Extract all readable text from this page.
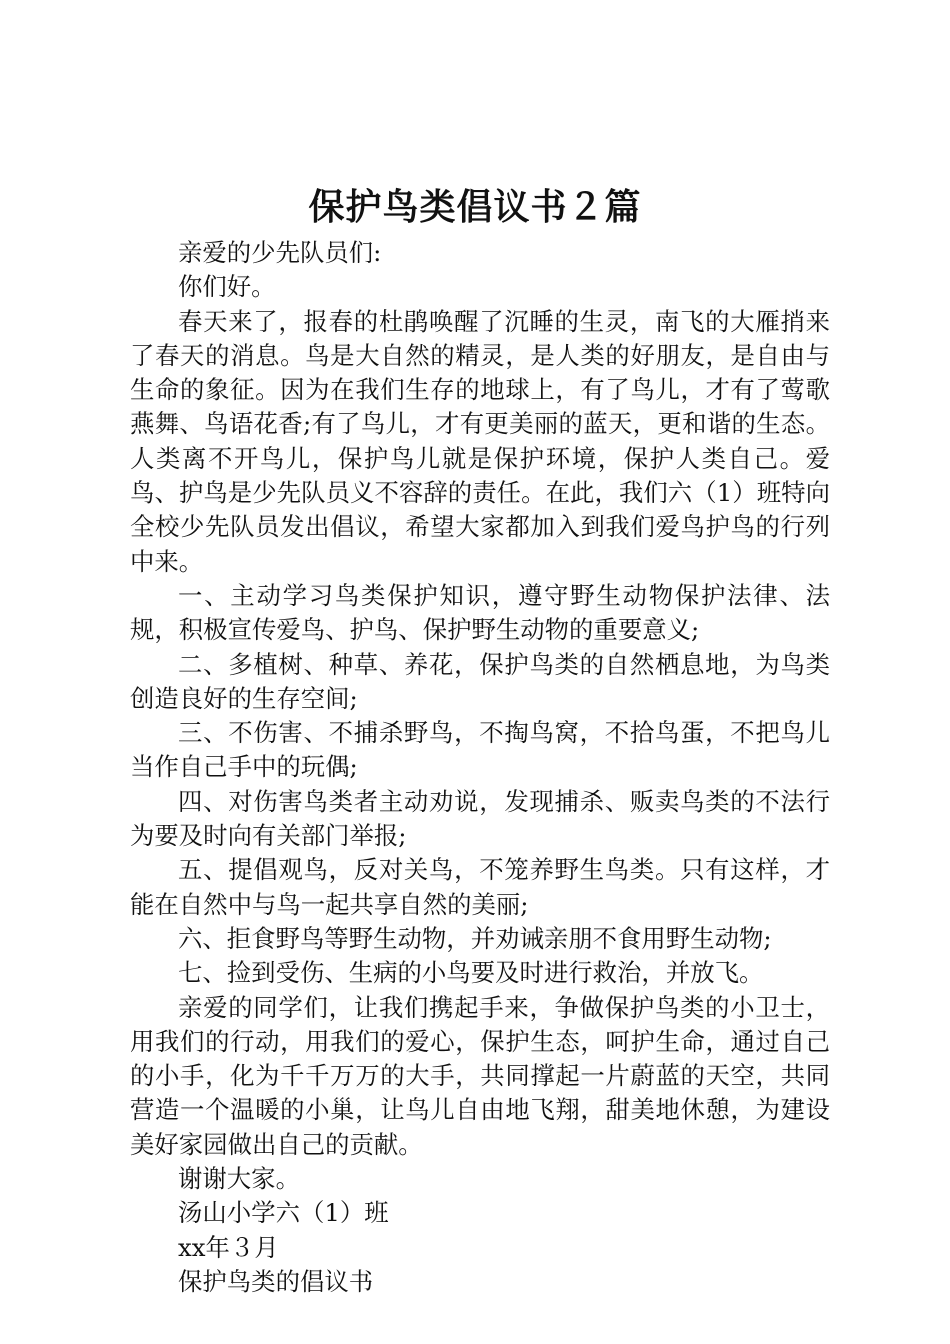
保护鸟类倡议书２篇

亲爱的少先队员们:

你们好。

春天来了，报春的杜鹃唤醒了沉睡的生灵，南飞的大雁捎来了春天的消息。鸟是大自然的精灵，是人类的好朋友，是自由与生命的象征。因为在我们生存的地球上，有了鸟儿，才有了莺歌燕舞、鸟语花香;有了鸟儿，才有更美丽的蓝天，更和谐的生态。人类离不开鸟儿，保护鸟儿就是保护环境，保护人类自己。爱鸟、护鸟是少先队员义不容辞的责任。在此，我们六（1）班特向全校少先队员发出倡议，希望大家都加入到我们爱鸟护鸟的行列中来。

一、主动学习鸟类保护知识，遵守野生动物保护法律、法规，积极宣传爱鸟、护鸟、保护野生动物的重要意义;

二、多植树、种草、养花，保护鸟类的自然栖息地，为鸟类创造良好的生存空间;

三、不伤害、不捕杀野鸟，不掏鸟窝，不拾鸟蛋，不把鸟儿当作自己手中的玩偶;

四、对伤害鸟类者主动劝说，发现捕杀、贩卖鸟类的不法行为要及时向有关部门举报;

五、提倡观鸟，反对关鸟，不笼养野生鸟类。只有这样，才能在自然中与鸟一起共享自然的美丽;

六、拒食野鸟等野生动物，并劝诫亲朋不食用野生动物;

七、捡到受伤、生病的小鸟要及时进行救治，并放飞。

亲爱的同学们，让我们携起手来，争做保护鸟类的小卫士，用我们的行动，用我们的爱心，保护生态，呵护生命，通过自己的小手，化为千千万万的大手，共同撑起一片蔚蓝的天空，共同营造一个温暖的小巢，让鸟儿自由地飞翔，甜美地休憩，为建设美好家园做出自己的贡献。

谢谢大家。

汤山小学六（1）班

xx年３月

保护鸟类的倡议书
